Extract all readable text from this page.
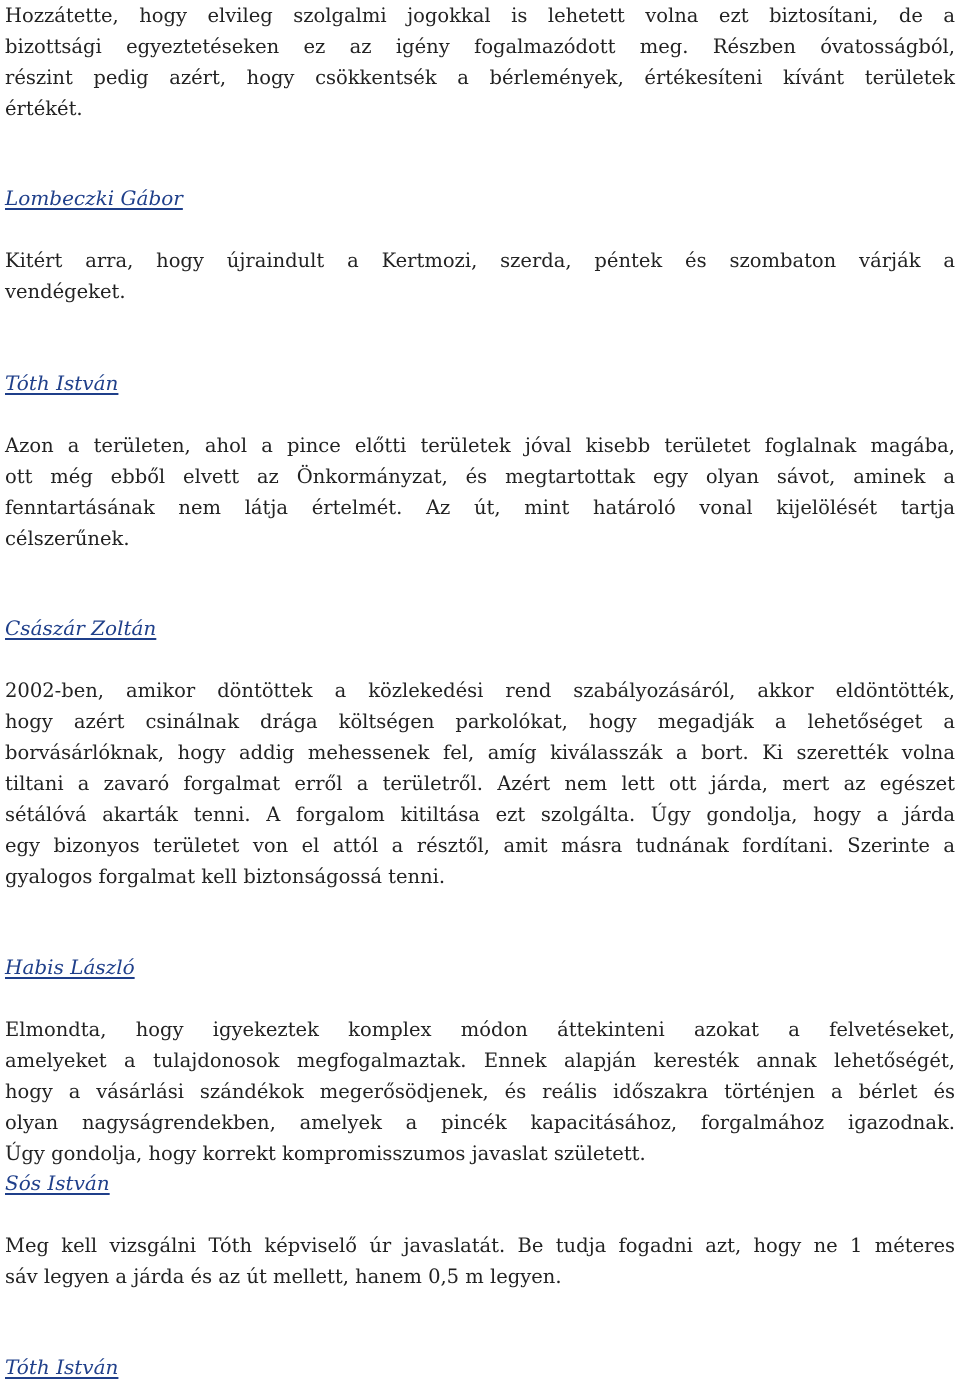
Hozzátette, hogy elvileg szolgalmi jogokkal is lehetett volna ezt biztosítani, de a
bizottsági egyeztetéseken ez az igény fogalmazódott meg. Részben óvatosságból,
részint pedig azért, hogy csökkentsék a bérlemények, értékesíteni kívánt területek
értékét.
Lombeczki Gábor
Kitért arra, hogy újraindult a Kertmozi, szerda, péntek és szombaton várják a
vendégeket.
Tóth István
Azon a területen, ahol a pince előtti területek jóval kisebb területet foglalnak magába,
ott még ebből elvett az Önkormányzat, és megtartottak egy olyan sávot, aminek a
fenntartásának nem látja értelmét. Az út, mint határoló vonal kijelölését tartja
célszerűnek.
Császár Zoltán
2002-ben, amikor döntöttek a közlekedési rend szabályozásáról, akkor eldöntötték,
hogy azért csinálnak drága költségen parkolókat, hogy megadják a lehetőséget a
borvásárlóknak, hogy addig mehessenek fel, amíg kiválasszák a bort. Ki szerették volna
tiltani a zavaró forgalmat erről a területről. Azért nem lett ott járda, mert az egészet
sétálóvá akarták tenni. A forgalom kitiltása ezt szolgálta. Úgy gondolja, hogy a járda
egy bizonyos területet von el attól a résztől, amit másra tudnának fordítani. Szerinte a
gyalogos forgalmat kell biztonságossá tenni.
Habis László
Elmondta, hogy igyekeztek komplex módon áttekinteni azokat a felvetéseket,
amelyeket a tulajdonosok megfogalmaztak. Ennek alapján keresték annak lehetőségét,
hogy a vásárlási szándékok megerősödjenek, és reális időszakra történjen a bérlet és
olyan nagyságrendekben, amelyek a pincék kapacitásához, forgalmához igazodnak.
Úgy gondolja, hogy korrekt kompromisszumos javaslat született.
Sós István
Meg kell vizsgálni Tóth képviselő úr javaslatát. Be tudja fogadni azt, hogy ne 1 méteres
sáv legyen a járda és az út mellett, hanem 0,5 m legyen.
Tóth István
